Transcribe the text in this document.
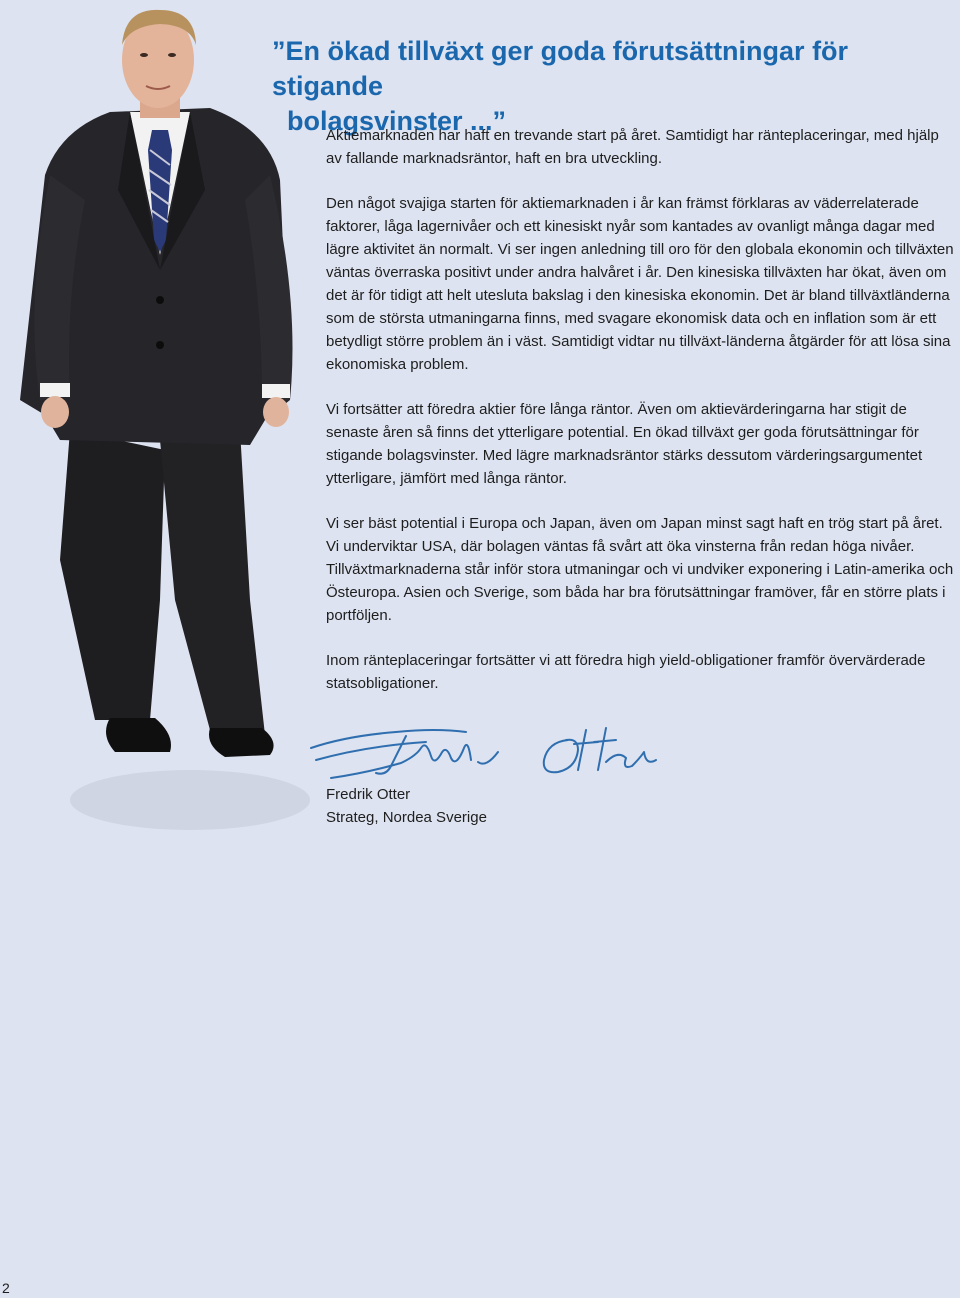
”En ökad tillväxt ger goda förutsättningar för stigande
bolagsvinster ...”

Aktiemarknaden har haft en trevande start på året. Samtidigt har ränteplaceringar, med hjälp av fallande marknadsräntor, haft en bra utveckling.

Den något svajiga starten för aktiemarknaden i år kan främst förklaras av väderrelaterade faktorer, låga lagernivåer och ett kinesiskt nyår som kantades av ovanligt många dagar med lägre aktivitet än normalt. Vi ser ingen anledning till oro för den globala ekonomin och tillväxten väntas överraska positivt under andra halvåret i år. Den kinesiska tillväxten har ökat, även om det är för tidigt att helt utesluta bakslag i den kinesiska ekonomin. Det är bland tillväxtländerna som de största utmaningarna finns, med svagare ekonomisk data och en inflation som är ett betydligt större problem än i väst. Samtidigt vidtar nu tillväxt-länderna åtgärder för att lösa sina ekonomiska problem.

Vi fortsätter att föredra aktier före långa räntor. Även om aktievärderingarna har stigit de senaste åren så finns det ytterligare potential. En ökad tillväxt ger goda förutsättningar för stigande bolagsvinster. Med lägre marknadsräntor stärks dessutom värderingsargumentet ytterligare, jämfört med långa räntor.

Vi ser bäst potential i Europa och Japan, även om Japan minst sagt haft en trög start på året. Vi underviktar USA, där bolagen väntas få svårt att öka vinsterna från redan höga nivåer. Tillväxtmarknaderna står inför stora utmaningar och vi undviker exponering i Latin-amerika och Östeuropa. Asien och Sverige, som båda har bra förutsättningar framöver, får en större plats i portföljen.

Inom ränteplaceringar fortsätter vi att föredra high yield-obligationer framför övervärderade statsobligationer.

Fredrik Otter
Strateg, Nordea Sverige
2
